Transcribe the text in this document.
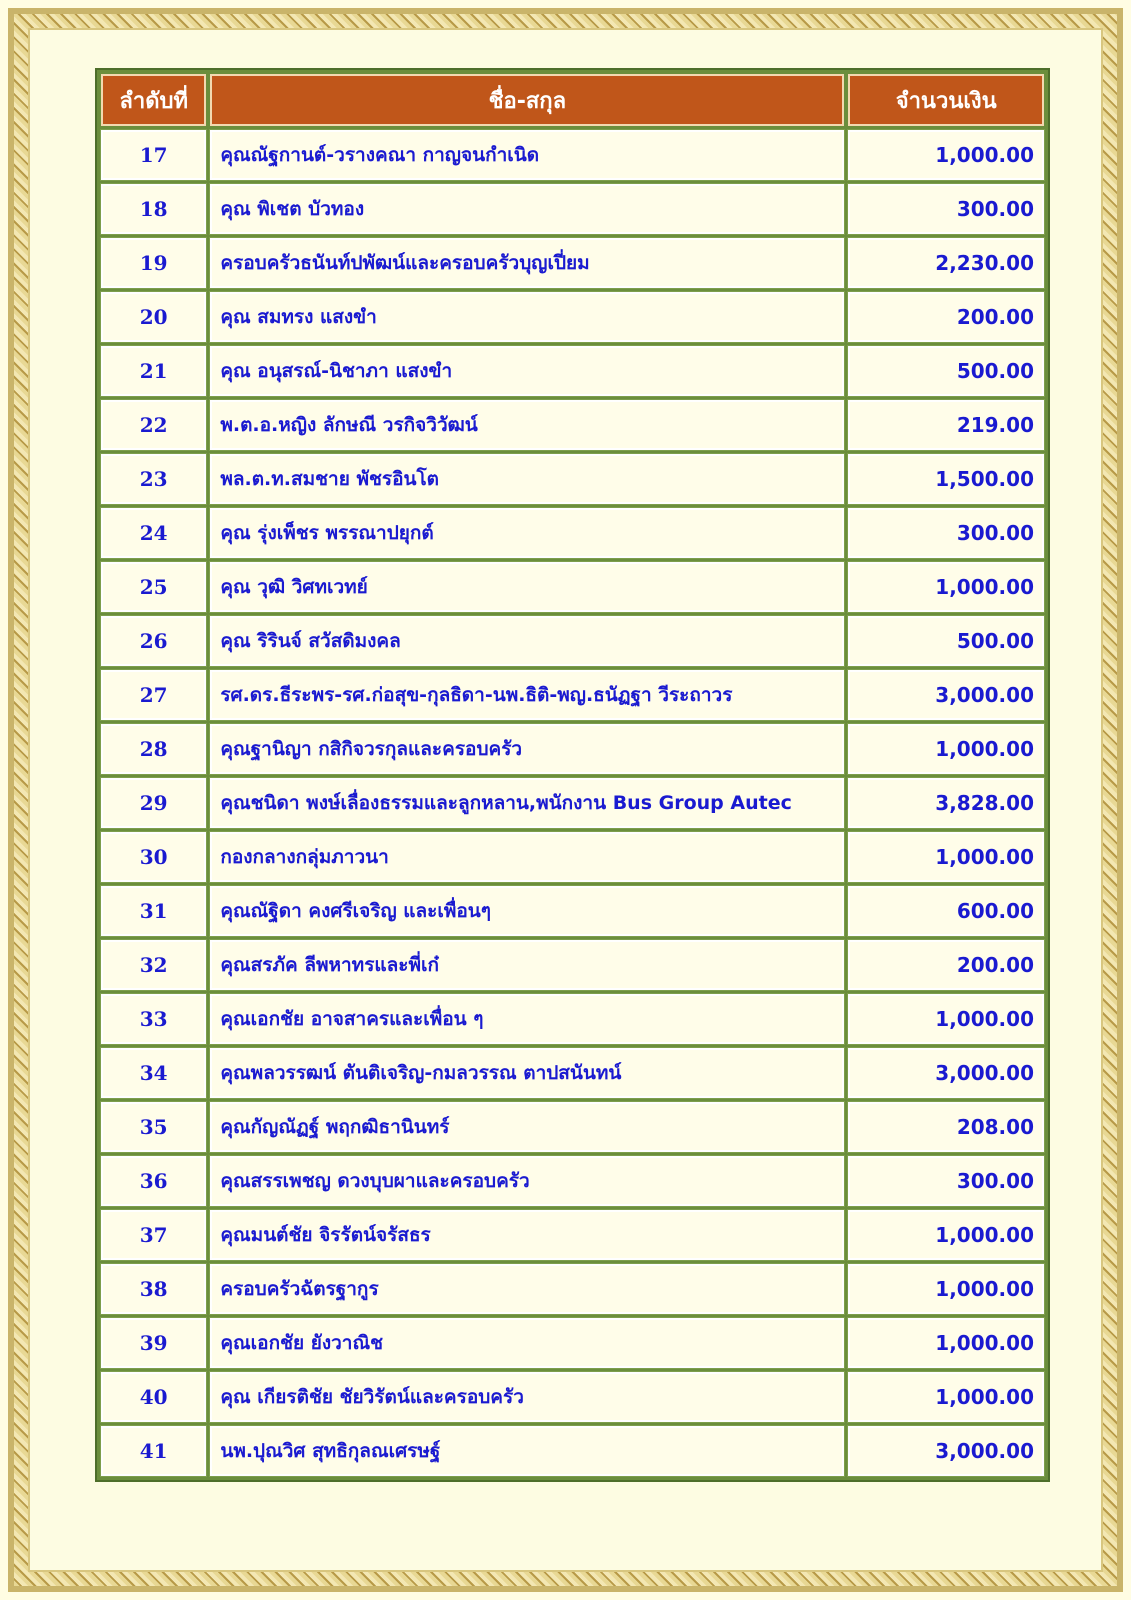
ลำดับที่	ชื่อ-สกุล	จำนวนเงิน
17	คุณณัฐกานต์-วรางคณา กาญจนกำเนิด	1,000.00
18	คุณ พิเชต บัวทอง	300.00
19	ครอบครัวธนันท์ปพัฒน์และครอบครัวบุญเปี่ยม	2,230.00
20	คุณ สมทรง แสงขำ	200.00
21	คุณ อนุสรณ์-นิชาภา แสงขำ	500.00
22	พ.ต.อ.หญิง ลักษณี วรกิจวิวัฒน์	219.00
23	พล.ต.ท.สมชาย พัชรอินโต	1,500.00
24	คุณ รุ่งเพ็ชร พรรณาปยุกต์	300.00
25	คุณ วุฒิ วิศทเวทย์	1,000.00
26	คุณ ริรินจ์ สวัสดิมงคล	500.00
27	รศ.ดร.ธีระพร-รศ.ก่อสุข-กุลธิดา-นพ.ธิติ-พญ.ธนัฏฐา วีระถาวร	3,000.00
28	คุณฐานิญา กสิกิจวรกุลและครอบครัว	1,000.00
29	คุณชนิดา พงษ์เลื่องธรรมและลูกหลาน,พนักงาน Bus Group Autec	3,828.00
30	กองกลางกลุ่มภาวนา	1,000.00
31	คุณณัฐิดา คงศรีเจริญ และเพื่อนๆ	600.00
32	คุณสรภัค ลีพหาทรและพี่เก๋	200.00
33	คุณเอกชัย อาจสาครและเพื่อน ๆ	1,000.00
34	คุณพลวรรฒน์ ตันติเจริญ-กมลวรรณ ตาปสนันทน์	3,000.00
35	คุณกัญณัฏฐ์ พฤกฒิธานินทร์	208.00
36	คุณสรรเพชญ ดวงบุบผาและครอบครัว	300.00
37	คุณมนต์ชัย จิรรัตน์จรัสธร	1,000.00
38	ครอบครัวฉัตรฐากูร	1,000.00
39	คุณเอกชัย ยังวาณิช	1,000.00
40	คุณ เกียรติชัย ชัยวิรัตน์และครอบครัว	1,000.00
41	นพ.ปุณวิศ สุทธิกุลณเศรษฐ์	3,000.00
